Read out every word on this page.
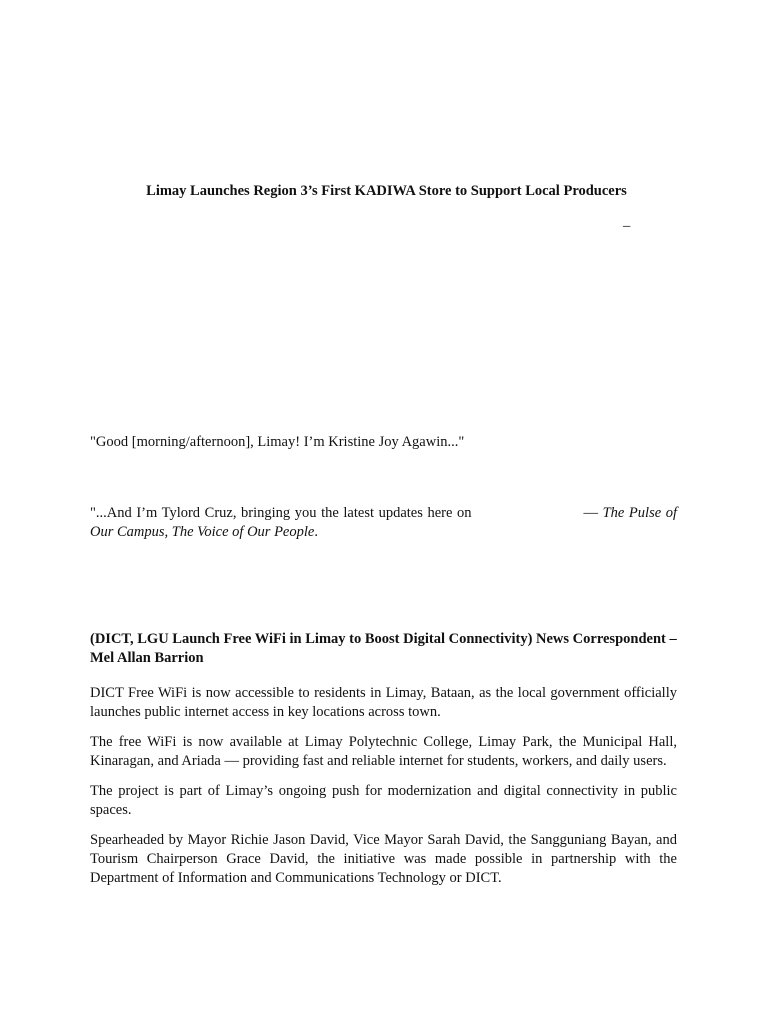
Limay Launches Region 3’s First KADIWA Store to Support Local Producers

–

"Good [morning/afternoon], Limay! I’m Kristine Joy Agawin..."

"...And I’m Tylord Cruz, bringing you the latest updates here on	— The Pulse of Our Campus, The Voice of Our People.

(DICT, LGU Launch Free WiFi in Limay to Boost Digital Connectivity) News Correspondent – Mel Allan Barrion

DICT Free WiFi is now accessible to residents in Limay, Bataan, as the local government officially launches public internet access in key locations across town.

The free WiFi is now available at Limay Polytechnic College, Limay Park, the Municipal Hall, Kinaragan, and Ariada — providing fast and reliable internet for students, workers, and daily users.

The project is part of Limay’s ongoing push for modernization and digital connectivity in public spaces.

Spearheaded by Mayor Richie Jason David, Vice Mayor Sarah David, the Sangguniang Bayan, and Tourism Chairperson Grace David, the initiative was made possible in partnership with the Department of Information and Communications Technology or DICT.
